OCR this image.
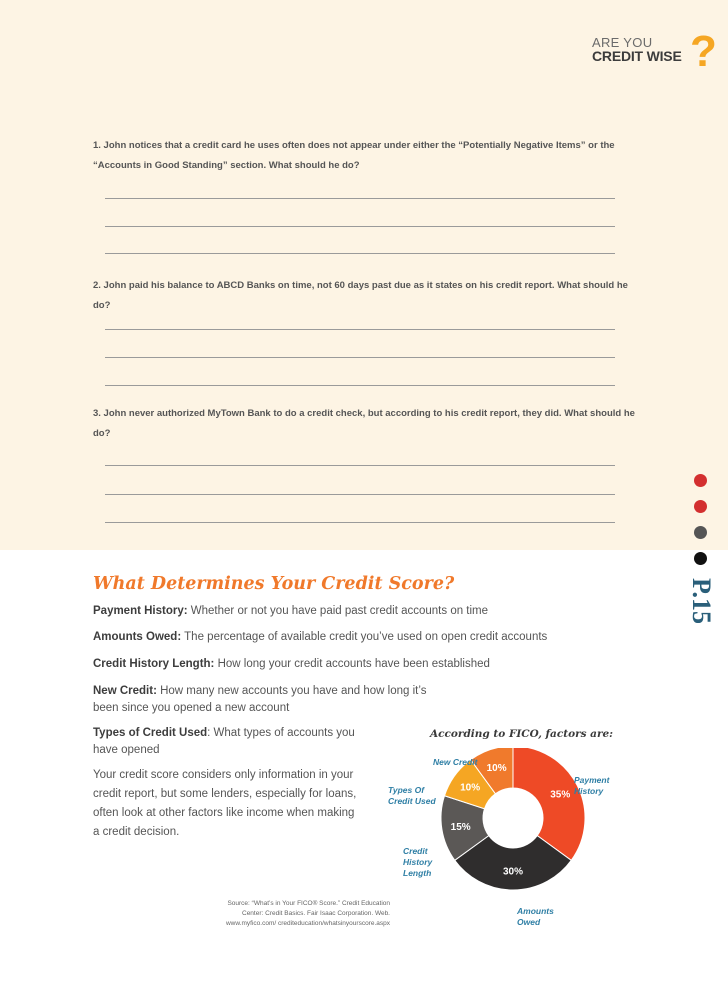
ARE YOU
CREDIT WISE ?
1. John notices that a credit card he uses often does not appear under either the “Potentially Negative Items” or the “Accounts in Good Standing” section. What should he do?
2. John paid his balance to ABCD Banks on time, not 60 days past due as it states on his credit report. What should he do?
3. John never authorized MyTown Bank to do a credit check, but according to his credit report, they did. What should he do?
P.15
What Determines Your Credit Score?
Payment History: Whether or not you have paid past credit accounts on time
Amounts Owed: The percentage of available credit you’ve used on open credit accounts
Credit History Length: How long your credit accounts have been established
New Credit: How many new accounts you have and how long it’s been since you opened a new account
Types of Credit Used: What types of accounts you have opened
Your credit score considers only information in your credit report, but some lenders, especially for loans, often look at other factors like income when making a credit decision.
Source: “What’s in Your FICO® Score.” Credit Education Center: Credit Basics. Fair Isaac Corporation. Web. www.myfico.com/ crediteducation/whatsinyourscore.aspx
According to FICO, factors are:
35%
30%
15%
10%
10%
Payment History
Amounts Owed
Credit History Length
Types Of Credit Used
New Credit
